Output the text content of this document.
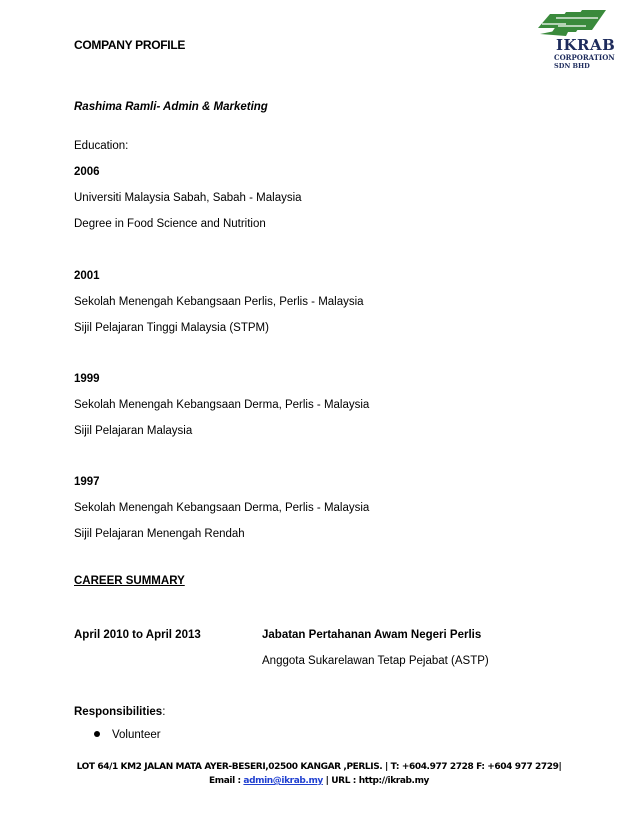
COMPANY PROFILE	IKRAB
CORPORATION
SDN BHD
Rashima Ramli- Admin & Marketing
Education:
2006
Universiti Malaysia Sabah, Sabah - Malaysia
Degree in Food Science and Nutrition
2001
Sekolah Menengah Kebangsaan Perlis, Perlis - Malaysia
Sijil Pelajaran Tinggi Malaysia (STPM)
1999
Sekolah Menengah Kebangsaan Derma, Perlis - Malaysia
Sijil Pelajaran Malaysia
1997
Sekolah Menengah Kebangsaan Derma, Perlis - Malaysia
Sijil Pelajaran Menengah Rendah
CAREER SUMMARY
April 2010 to April 2013	Jabatan Pertahanan Awam Negeri Perlis
Anggota Sukarelawan Tetap Pejabat (ASTP)
Responsibilities:
Volunteer
LOT 64/1 KM2 JALAN MATA AYER-BESERI,02500 KANGAR ,PERLIS. | T: +604.977 2728 F: +604 977 2729|
Email : admin@ikrab.my | URL : http://ikrab.my
